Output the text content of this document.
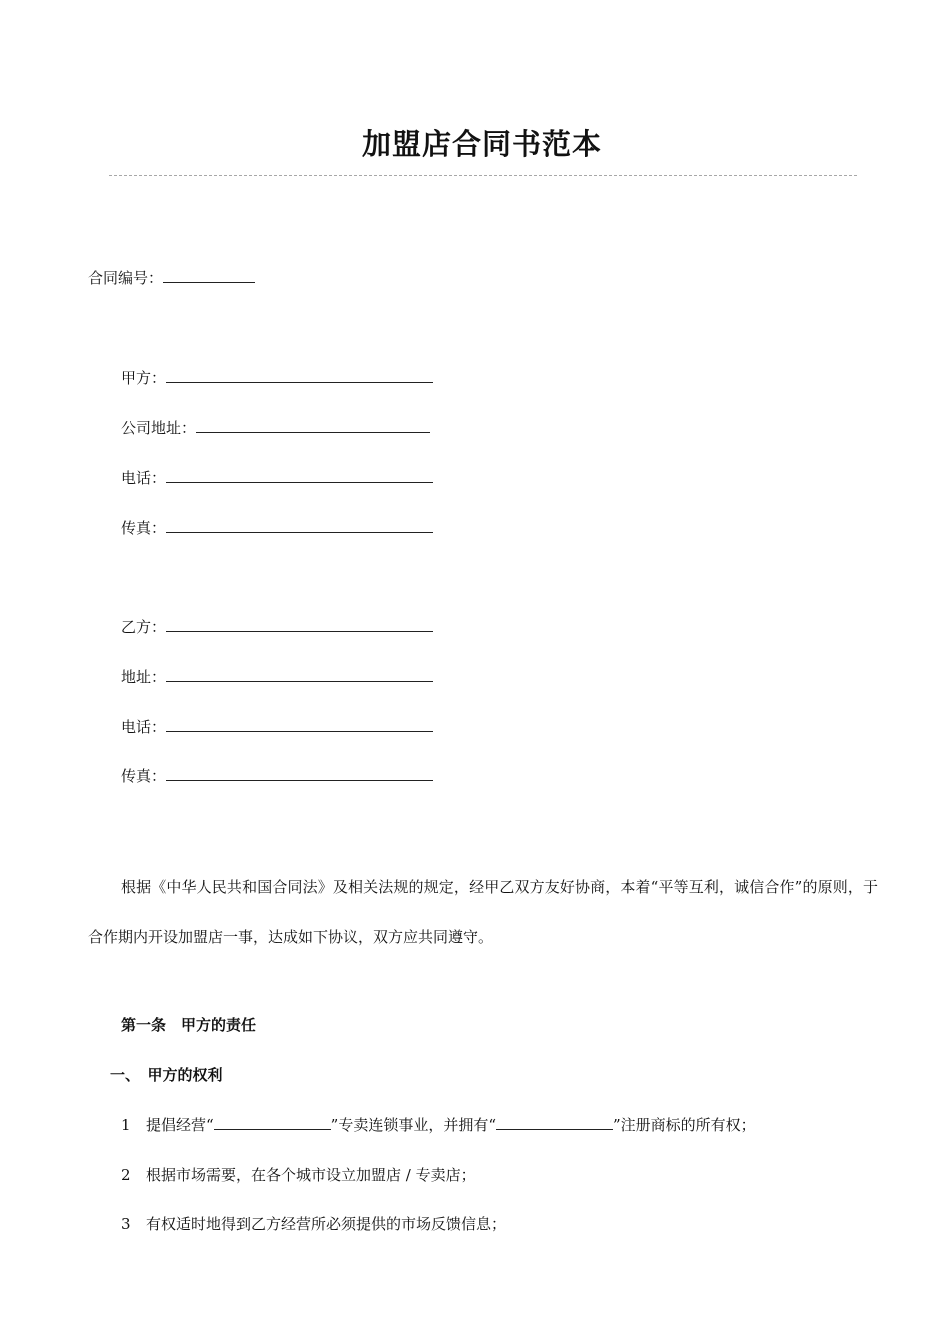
加盟店合同书范本
合同编号：
甲方：
公司地址：
电话：
传真：
乙方：
地址：
电话：
传真：
根据《中华人民共和国合同法》及相关法规的规定，经甲乙双方友好协商，本着“平等互利，诚信合作”的原则，于合作期内开设加盟店一事，达成如下协议，双方应共同遵守。
第一条　甲方的责任
一、　甲方的权利
1 提倡经营“	”专卖连锁事业，并拥有“	”注册商标的所有权；
2 根据市场需要，在各个城市设立加盟店 / 专卖店；
3 有权适时地得到乙方经营所必须提供的市场反馈信息；
